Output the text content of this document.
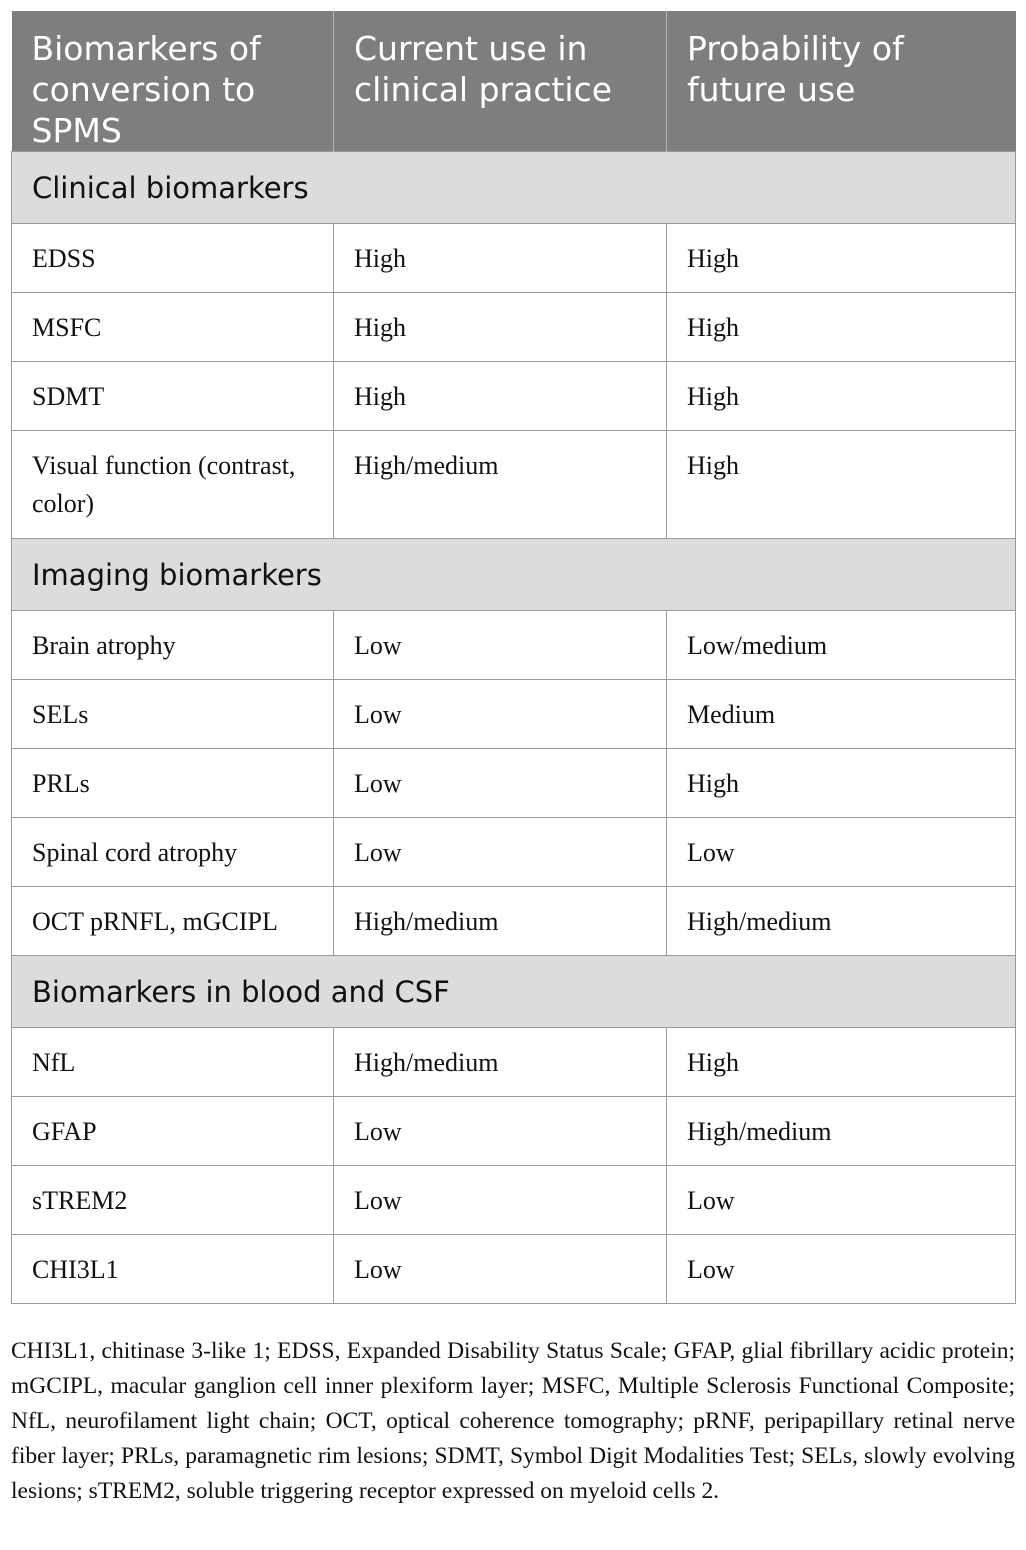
Biomarkers of conversion to SPMS	Current use in clinical practice	Probability of future use
Clinical biomarkers		
EDSS	High	High
MSFC	High	High
SDMT	High	High
Visual function (contrast, color)	High/medium	High
Imaging biomarkers		
Brain atrophy	Low	Low/medium
SELs	Low	Medium
PRLs	Low	High
Spinal cord atrophy	Low	Low
OCT pRNFL, mGCIPL	High/medium	High/medium
Biomarkers in blood and CSF		
NfL	High/medium	High
GFAP	Low	High/medium
sTREM2	Low	Low
CHI3L1	Low	Low

CHI3L1, chitinase 3-like 1; EDSS, Expanded Disability Status Scale; GFAP, glial fibrillary acidic protein; mGCIPL, macular ganglion cell inner plexiform layer; MSFC, Multiple Sclerosis Functional Composite; NfL, neurofilament light chain; OCT, optical coherence tomography; pRNF, peripapillary retinal nerve fiber layer; PRLs, paramagnetic rim lesions; SDMT, Symbol Digit Modalities Test; SELs, slowly evolving lesions; sTREM2, soluble triggering receptor expressed on myeloid cells 2.
